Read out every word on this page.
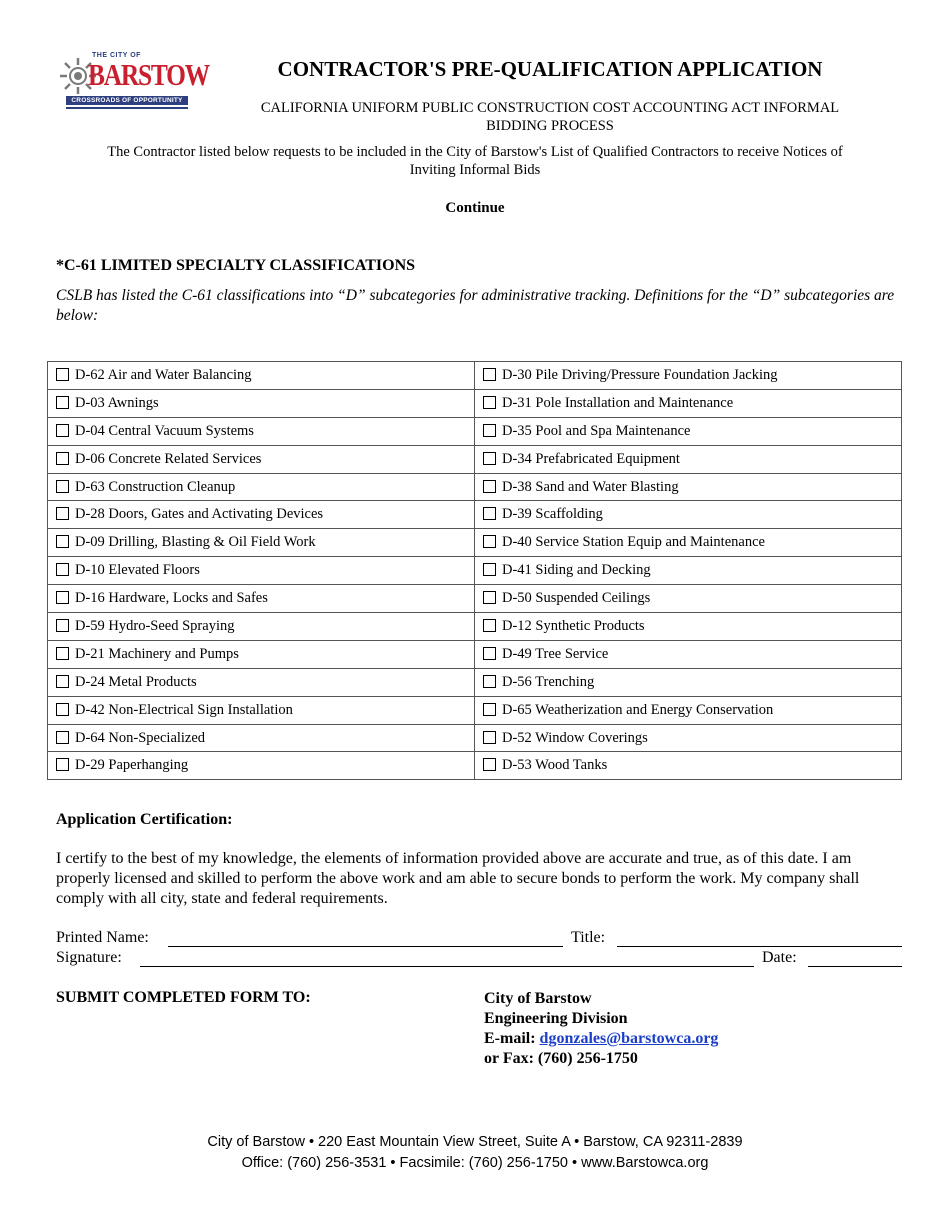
THE CITY OF
BARSTOW
CROSSROADS OF OPPORTUNITY
CONTRACTOR'S PRE-QUALIFICATION APPLICATION
CALIFORNIA UNIFORM PUBLIC CONSTRUCTION COST ACCOUNTING ACT INFORMAL
BIDDING PROCESS
The Contractor listed below requests to be included in the City of Barstow's List of Qualified Contractors to receive Notices of
Inviting Informal Bids
Continue
*C-61 LIMITED SPECIALTY CLASSIFICATIONS
CSLB has listed the C-61 classifications into “D” subcategories for administrative tracking. Definitions for the “D” subcategories are below:
D-62 Air and Water Balancing	D-30 Pile Driving/Pressure Foundation Jacking
D-03 Awnings	D-31 Pole Installation and Maintenance
D-04 Central Vacuum Systems	D-35 Pool and Spa Maintenance
D-06 Concrete Related Services	D-34 Prefabricated Equipment
D-63 Construction Cleanup	D-38 Sand and Water Blasting
D-28 Doors, Gates and Activating Devices	D-39 Scaffolding
D-09 Drilling, Blasting & Oil Field Work	D-40 Service Station Equip and Maintenance
D-10 Elevated Floors	D-41 Siding and Decking
D-16 Hardware, Locks and Safes	D-50 Suspended Ceilings
D-59 Hydro-Seed Spraying	D-12 Synthetic Products
D-21 Machinery and Pumps	D-49 Tree Service
D-24 Metal Products	D-56 Trenching
D-42 Non-Electrical Sign Installation	D-65 Weatherization and Energy Conservation
D-64 Non-Specialized	D-52 Window Coverings
D-29 Paperhanging	D-53 Wood Tanks
Application Certification:
I certify to the best of my knowledge, the elements of information provided above are accurate and true, as of this date. I am properly licensed and skilled to perform the above work and am able to secure bonds to perform the work. My company shall comply with all city, state and federal requirements.
Printed Name:	Title:
Signature:	Date:
SUBMIT COMPLETED FORM TO:	City of Barstow
Engineering Division
E-mail: dgonzales@barstowca.org
or Fax: (760) 256-1750
City of Barstow • 220 East Mountain View Street, Suite A • Barstow, CA 92311-2839
Office: (760) 256-3531 • Facsimile: (760) 256-1750 • www.Barstowca.org
